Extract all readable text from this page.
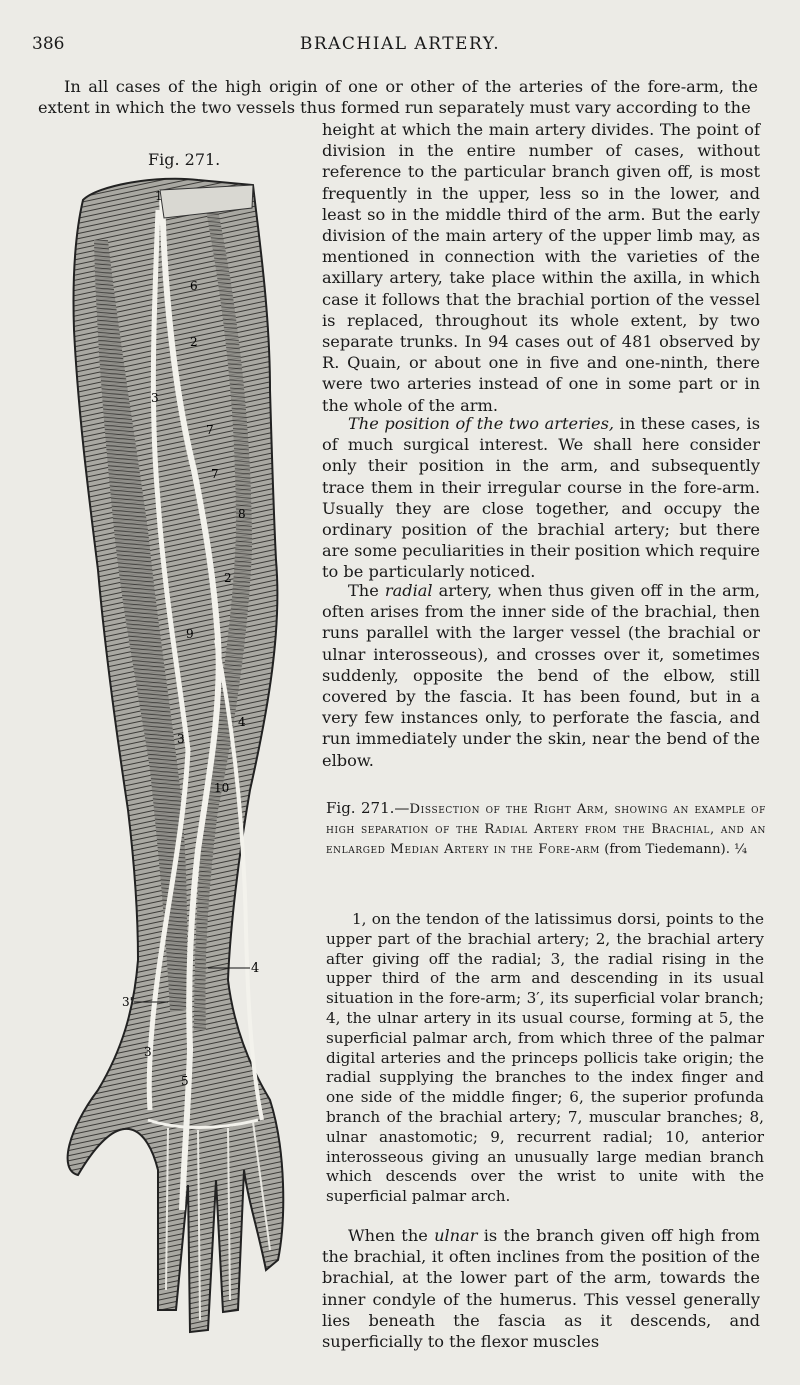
386	BRACHIAL ARTERY.

In all cases of the high origin of one or other of the arteries of the fore-arm, the extent in which the two vessels thus formed run separately must vary according to the

height at which the main artery divides. The point of division in the entire number of cases, without reference to the particular branch given off, is most frequently in the upper, less so in the lower, and least so in the middle third of the arm. But the early division of the main artery of the upper limb may, as mentioned in connection with the varieties of the axillary artery, take place within the axilla, in which case it follows that the brachial portion of the vessel is replaced, throughout its whole extent, by two separate trunks. In 94 cases out of 481 observed by R. Quain, or about one in five and one-ninth, there were two arteries instead of one in some part or in the whole of the arm.

The position of the two arteries, in these cases, is of much surgical interest. We shall here consider only their position in the arm, and subsequently trace them in their irregular course in the fore-arm. Usually they are close together, and occupy the ordinary position of the brachial artery; but there are some peculiarities in their position which require to be particularly noticed.

The radial artery, when thus given off in the arm, often arises from the inner side of the brachial, then runs parallel with the larger vessel (the brachial or ulnar interosseous), and crosses over it, sometimes suddenly, opposite the bend of the elbow, still covered by the fascia. It has been found, but in a very few instances only, to perforate the fascia, and run immediately under the skin, near the bend of the elbow.

Fig. 271.
1
6
2
3
7
7
8
2
9
3
4
10
4
3'
3
5
Fig. 271.—Dissection of the Right Arm, showing an example of high separation of the Radial Artery from the Brachial, and an enlarged Median Artery in the Fore-arm (from Tiedemann). ¼

1, on the tendon of the latissimus dorsi, points to the upper part of the brachial artery; 2, the brachial artery after giving off the radial; 3, the radial rising in the upper third of the arm and descending in its usual situation in the fore-arm; 3′, its superficial volar branch; 4, the ulnar artery in its usual course, forming at 5, the superficial palmar arch, from which three of the palmar digital arteries and the princeps pollicis take origin; the radial supplying the branches to the index finger and one side of the middle finger; 6, the superior profunda branch of the brachial artery; 7, muscular branches; 8, ulnar anastomotic; 9, recurrent radial; 10, anterior interosseous giving an unusually large median branch which descends over the wrist to unite with the superficial palmar arch.

When the ulnar is the branch given off high from the brachial, it often inclines from the position of the brachial, at the lower part of the arm, towards the inner condyle of the humerus. This vessel generally lies beneath the fascia as it descends, and superficially to the flexor muscles
